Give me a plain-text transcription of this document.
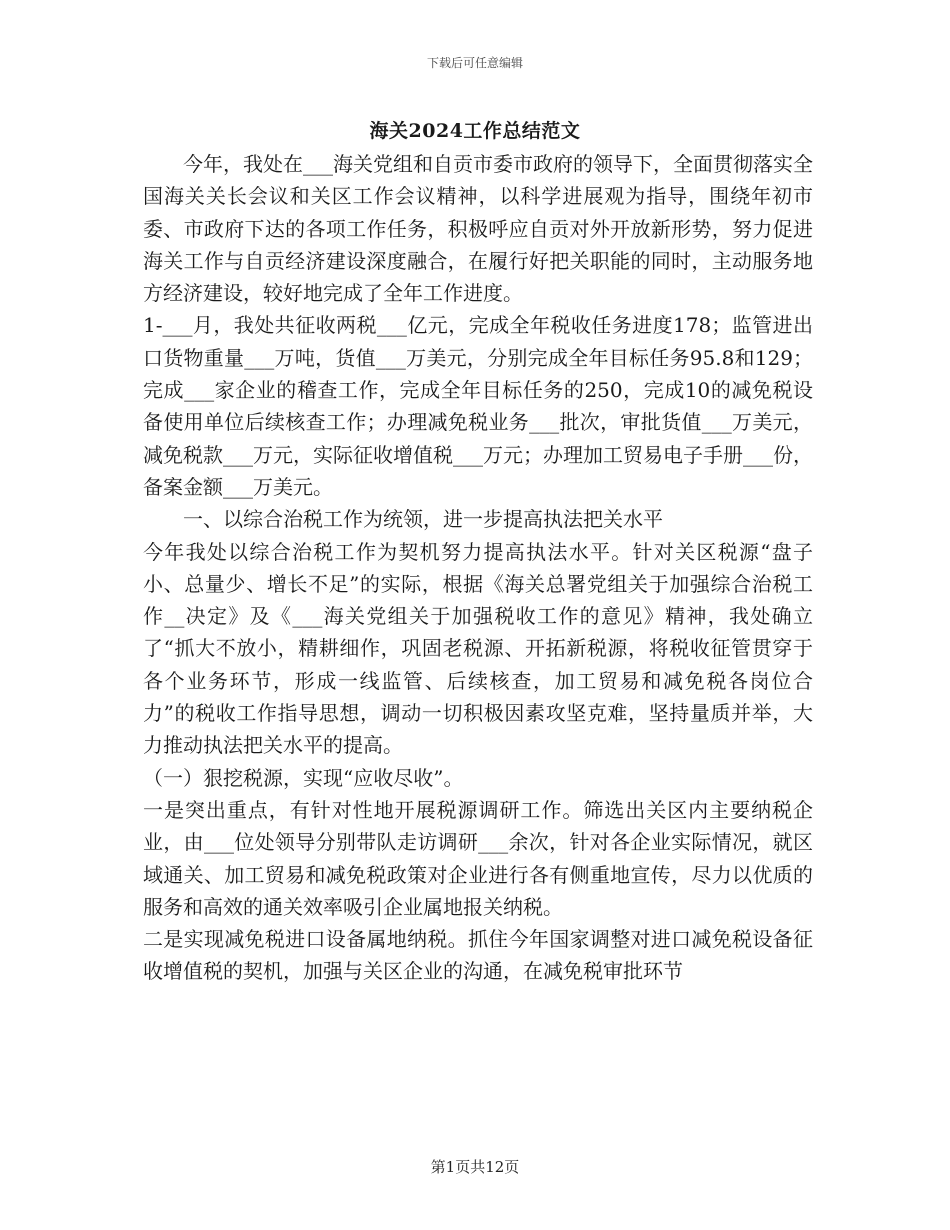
下载后可任意编辑
海关2024工作总结范文

今年，我处在___海关党组和自贡市委市政府的领导下，全面贯彻落实全国海关关长会议和关区工作会议精神，以科学进展观为指导，围绕年初市委、市政府下达的各项工作任务，积极呼应自贡对外开放新形势，努力促进海关工作与自贡经济建设深度融合，在履行好把关职能的同时，主动服务地方经济建设，较好地完成了全年工作进度。

1-___月，我处共征收两税___亿元，完成全年税收任务进度178；监管进出口货物重量___万吨，货值___万美元，分别完成全年目标任务95.8和129；完成___家企业的稽查工作，完成全年目标任务的250，完成10的减免税设备使用单位后续核查工作；办理减免税业务___批次，审批货值___万美元，减免税款___万元，实际征收增值税___万元；办理加工贸易电子手册___份，备案金额___万美元。

一、以综合治税工作为统领，进一步提高执法把关水平

今年我处以综合治税工作为契机努力提高执法水平。针对关区税源“盘子小、总量少、增长不足”的实际，根据《海关总署党组关于加强综合治税工作__决定》及《___海关党组关于加强税收工作的意见》精神，我处确立了“抓大不放小，精耕细作，巩固老税源、开拓新税源，将税收征管贯穿于各个业务环节，形成一线监管、后续核查，加工贸易和减免税各岗位合力”的税收工作指导思想，调动一切积极因素攻坚克难，坚持量质并举，大力推动执法把关水平的提高。

（一）狠挖税源，实现“应收尽收”。

一是突出重点，有针对性地开展税源调研工作。筛选出关区内主要纳税企业，由___位处领导分别带队走访调研___余次，针对各企业实际情况，就区域通关、加工贸易和减免税政策对企业进行各有侧重地宣传，尽力以优质的服务和高效的通关效率吸引企业属地报关纳税。

二是实现减免税进口设备属地纳税。抓住今年国家调整对进口减免税设备征收增值税的契机，加强与关区企业的沟通，在减免税审批环节

第1页共12页
